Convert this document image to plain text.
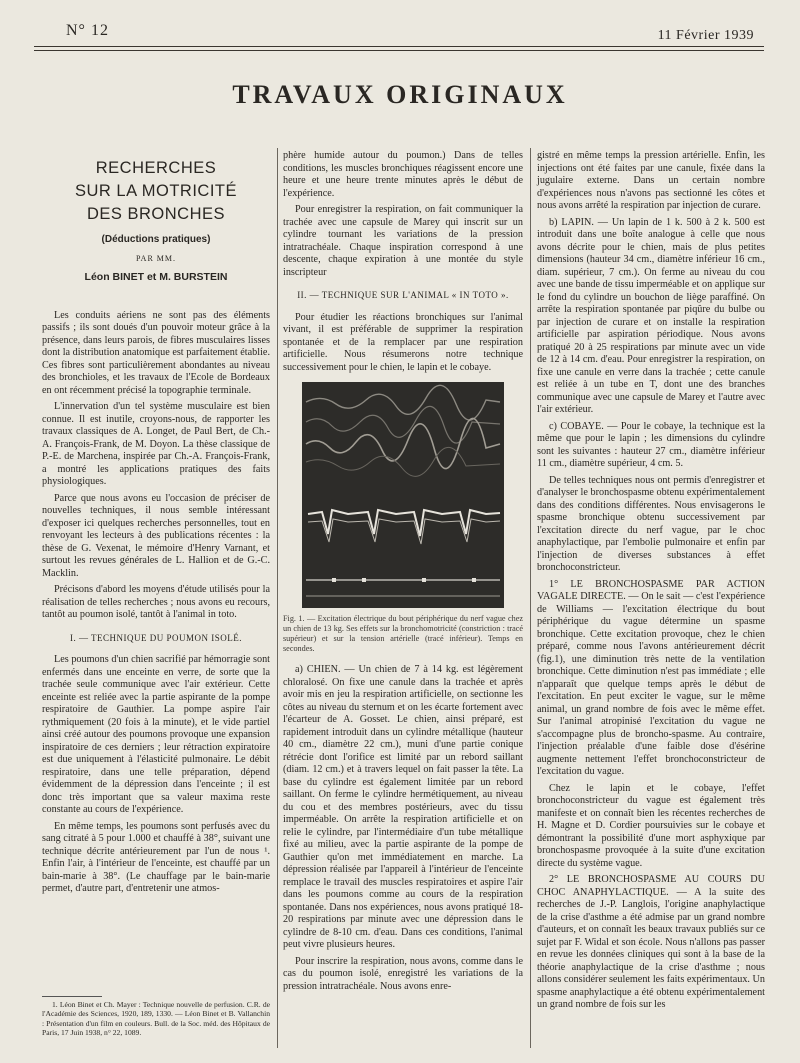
N° 12	11 Février 1939
TRAVAUX ORIGINAUX
RECHERCHES
SUR LA MOTRICITÉ
DES BRONCHES
(Déductions pratiques)
PAR MM.
Léon BINET et M. BURSTEIN

Les conduits aériens ne sont pas des éléments passifs ; ils sont doués d'un pouvoir moteur grâce à la présence, dans leurs parois, de fibres musculaires lisses dont la distribution anatomique est parfaitement établie. Ces fibres sont particulièrement abondantes au niveau des bronchioles, et les travaux de l'Ecole de Bordeaux en ont récemment précisé la topographie terminale.

L'innervation d'un tel système musculaire est bien connue. Il est inutile, croyons-nous, de rapporter les travaux classiques de A. Longet, de Paul Bert, de Ch.-A. François-Frank, de M. Doyon. La thèse classique de P.-E. de Marchena, inspirée par Ch.-A. François-Frank, a montré les applications pratiques des faits physiologiques.

Parce que nous avons eu l'occasion de préciser de nouvelles techniques, il nous semble intéressant d'exposer ici quelques recherches personnelles, tout en renvoyant les lecteurs à des publications récentes : la thèse de G. Vexenat, le mémoire d'Henry Varnant, et surtout les revues générales de L. Hallion et de G.-C. Macklin.

Précisons d'abord les moyens d'étude utilisés pour la réalisation de telles recherches ; nous avons eu recours, tantôt au poumon isolé, tantôt à l'animal in toto.

I. — TECHNIQUE DU POUMON ISOLÉ.

Les poumons d'un chien sacrifié par hémorragie sont enfermés dans une enceinte en verre, de sorte que la trachée seule communique avec l'air extérieur. Cette enceinte est reliée avec la partie aspirante de la pompe respiratoire de Gauthier. La pompe aspire l'air rythmiquement (20 fois à la minute), et le vide partiel ainsi créé autour des poumons provoque une expansion inspiratoire de ces derniers ; leur rétraction expiratoire est due uniquement à l'élasticité pulmonaire. Le débit respiratoire, dans une telle préparation, dépend évidemment de la dépression dans l'enceinte ; il est donc très important que sa valeur maxima reste constante au cours de l'expérience.

En même temps, les poumons sont perfusés avec du sang citraté à 5 pour 1.000 et chauffé à 38°, suivant une technique décrite antérieurement par l'un de nous ¹. Enfin l'air, à l'intérieur de l'enceinte, est chauffé par un bain-marie à 38°. (Le chauffage par le bain-marie permet, d'autre part, d'entretenir une atmos-

1. Léon Binet et Ch. Mayer : Technique nouvelle de perfusion. C.R. de l'Académie des Sciences, 1920, 189, 1330. — Léon Binet et B. Vallanchin : Présentation d'un film en couleurs. Bull. de la Soc. méd. des Hôpitaux de Paris, 17 Juin 1938, n° 22, 1089.

phère humide autour du poumon.) Dans de telles conditions, les muscles bronchiques réagissent encore une heure et une heure trente minutes après le début de l'expérience.

Pour enregistrer la respiration, on fait communiquer la trachée avec une capsule de Marey qui inscrit sur un cylindre tournant les variations de la pression intratrachéale. Chaque inspiration correspond à une descente, chaque expiration à une montée du style inscripteur

II. — TECHNIQUE SUR L'ANIMAL « IN TOTO ».

Pour étudier les réactions bronchiques sur l'animal vivant, il est préférable de supprimer la respiration spontanée et de la remplacer par une respiration artificielle. Nous résumerons notre technique successivement pour le chien, le lapin et le cobaye.

Fig. 1. — Excitation électrique du bout périphérique du nerf vague chez un chien de 13 kg. Ses effets sur la bronchomotricité (constriction : tracé supérieur) et sur la tension artérielle (tracé inférieur). Temps en secondes.

a) CHIEN. — Un chien de 7 à 14 kg. est légèrement chloralosé. On fixe une canule dans la trachée et après avoir mis en jeu la respiration artificielle, on sectionne les côtes au niveau du sternum et on les écarte fortement avec l'écarteur de A. Gosset. Le chien, ainsi préparé, est rapidement introduit dans un cylindre métallique (hauteur 40 cm., diamètre 22 cm.), muni d'une partie conique rétrécie dont l'orifice est limité par un rebord saillant (diam. 12 cm.) et à travers lequel on fait passer la tête. La base du cylindre est également limitée par un rebord saillant. On ferme le cylindre hermétiquement, au niveau du cou et des membres postérieurs, avec du tissu imperméable. On arrête la respiration artificielle et on relie le cylindre, par l'intermédiaire d'un tube métallique fixé au milieu, avec la partie aspirante de la pompe de Gauthier qu'on met immédiatement en marche. La dépression réalisée par l'appareil à l'intérieur de l'enceinte remplace le travail des muscles respiratoires et aspire l'air dans les poumons comme au cours de la respiration spontanée. Dans nos expériences, nous avons pratiqué 18-20 respirations par minute avec une dépression dans le cylindre de 8-10 cm. d'eau. Dans ces conditions, l'animal peut vivre plusieurs heures.

Pour inscrire la respiration, nous avons, comme dans le cas du poumon isolé, enregistré les variations de la pression intratrachéale. Nous avons enre-

gistré en même temps la pression artérielle. Enfin, les injections ont été faites par une canule, fixée dans la jugulaire externe. Dans un certain nombre d'expériences nous n'avons pas sectionné les côtes et nous avons arrêté la respiration par injection de curare.

b) LAPIN. — Un lapin de 1 k. 500 à 2 k. 500 est introduit dans une boîte analogue à celle que nous avons décrite pour le chien, mais de plus petites dimensions (hauteur 34 cm., diamètre inférieur 16 cm., diam. supérieur, 7 cm.). On ferme au niveau du cou avec une bande de tissu imperméable et on applique sur le fond du cylindre un bouchon de liège paraffiné. On arrête la respiration spontanée par piqûre du bulbe ou par injection de curare et on installe la respiration artificielle par aspiration périodique. Nous avons pratiqué 20 à 25 respirations par minute avec un vide de 12 à 14 cm. d'eau. Pour enregistrer la respiration, on fixe une canule en verre dans la trachée ; cette canule est reliée à un tube en T, dont une des branches communique avec une capsule de Marey et l'autre avec l'air extérieur.

c) COBAYE. — Pour le cobaye, la technique est la même que pour le lapin ; les dimensions du cylindre sont les suivantes : hauteur 27 cm., diamètre inférieur 11 cm., diamètre supérieur, 4 cm. 5.

De telles techniques nous ont permis d'enregistrer et d'analyser le bronchospasme obtenu expérimentalement dans des conditions différentes. Nous envisagerons le spasme bronchique obtenu successivement par l'excitation directe du nerf vague, par le choc anaphylactique, par l'embolie pulmonaire et enfin par l'injection de diverses substances à effet bronchoconstricteur.

1° LE BRONCHOSPASME PAR ACTION VAGALE DIRECTE. — On le sait — c'est l'expérience de Williams — l'excitation électrique du bout périphérique du vague détermine un spasme bronchique. Cette excitation provoque, chez le chien préparé, comme nous l'avons antérieurement décrit (fig.1), une diminution très nette de la ventilation bronchique. Cette diminution n'est pas immédiate ; elle n'apparaît que quelque temps après le début de l'excitation. En peut exciter le vague, sur le même animal, un grand nombre de fois avec le même effet. Sur l'animal atropinisé l'excitation du vague ne s'accompagne plus de broncho-spasme. Au contraire, l'injection préalable d'une faible dose d'ésérine augmente nettement l'effet bronchoconstricteur de l'excitation du vague.

Chez le lapin et le cobaye, l'effet bronchoconstricteur du vague est également très manifeste et on connaît bien les récentes recherches de H. Magne et D. Cordier poursuivies sur le cobaye et démontrant la possibilité d'une mort asphyxique par bronchospasme provoquée à la suite d'une excitation directe du système vague.

2° LE BRONCHOSPASME AU COURS DU CHOC ANAPHYLACTIQUE. — A la suite des recherches de J.-P. Langlois, l'origine anaphylactique de la crise d'asthme a été admise par un grand nombre d'auteurs, et on connaît les beaux travaux publiés sur ce sujet par F. Widal et son école. Nous n'allons pas passer en revue les données cliniques qui sont à la base de la théorie anaphylactique de la crise d'asthme ; nous allons considérer seulement les faits expérimentaux. Un spasme anaphylactique a été obtenu expérimentalement un grand nombre de fois sur les
